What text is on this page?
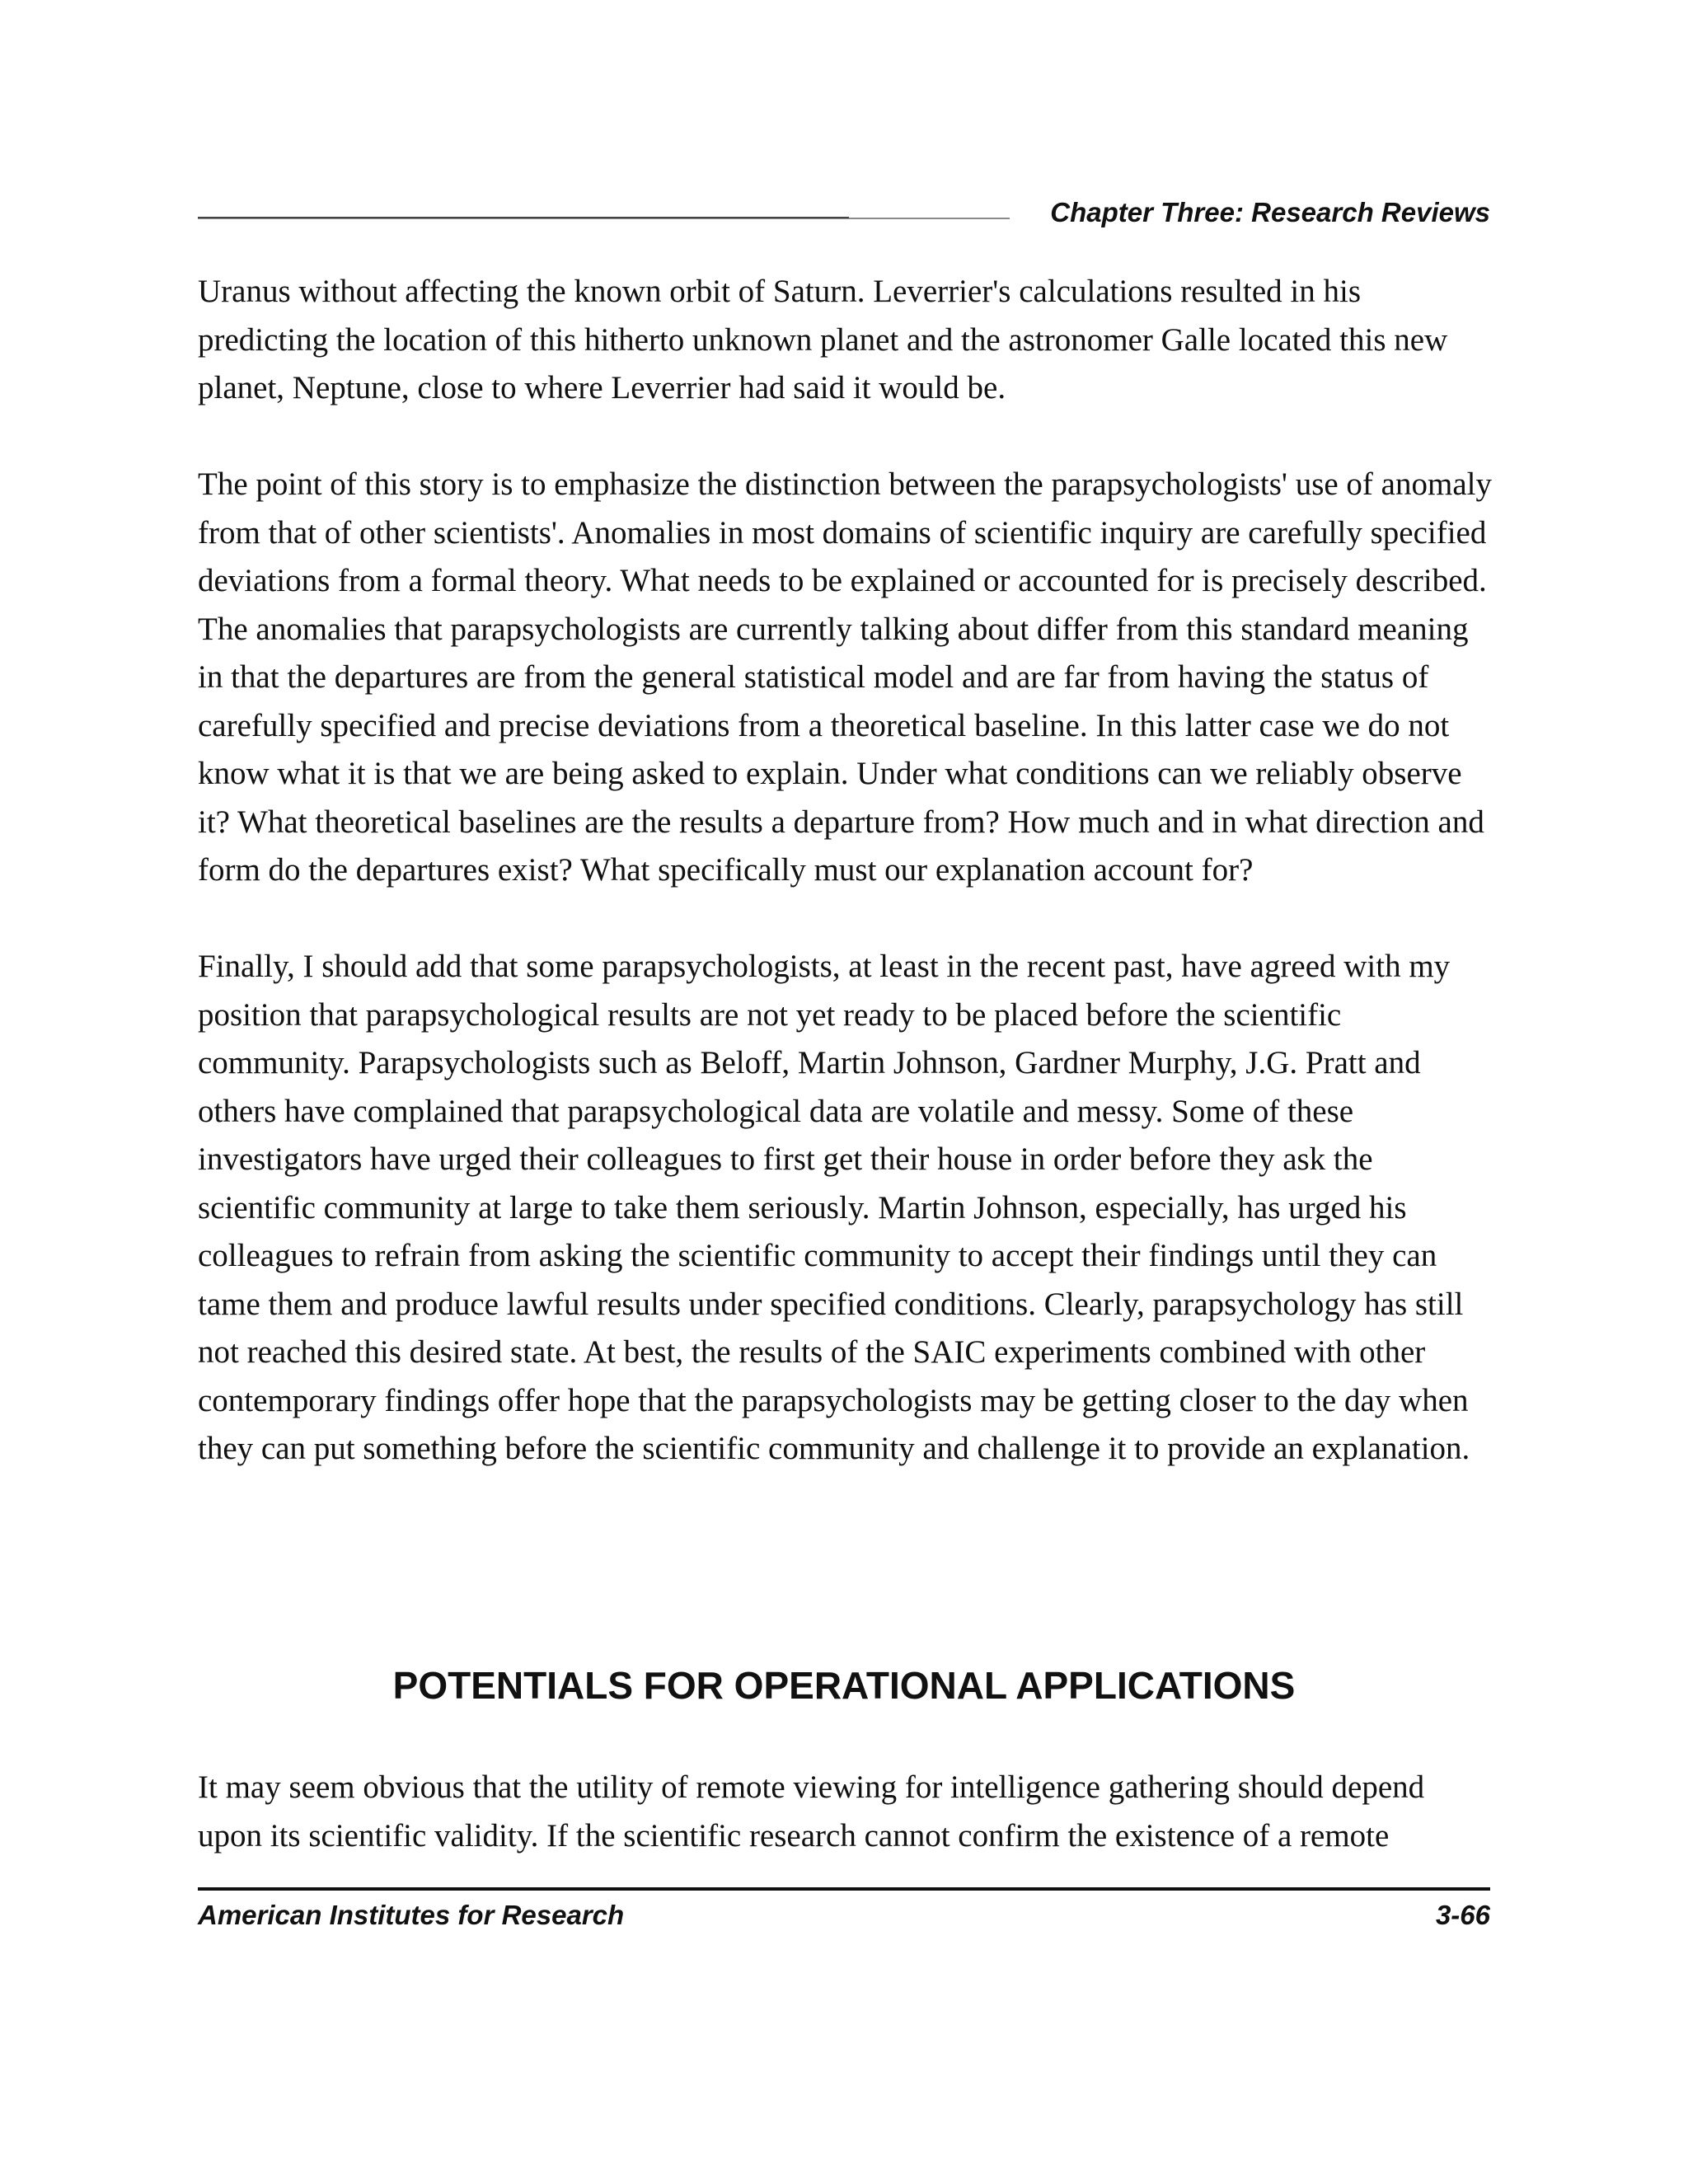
Chapter Three: Research Reviews

Uranus without affecting the known orbit of Saturn. Leverrier's calculations resulted in his predicting the location of this hitherto unknown planet and the astronomer Galle located this new planet, Neptune, close to where Leverrier had said it would be.

The point of this story is to emphasize the distinction between the parapsychologists' use of anomaly from that of other scientists'. Anomalies in most domains of scientific inquiry are carefully specified deviations from a formal theory. What needs to be explained or accounted for is precisely described. The anomalies that parapsychologists are currently talking about differ from this standard meaning in that the departures are from the general statistical model and are far from having the status of carefully specified and precise deviations from a theoretical baseline. In this latter case we do not know what it is that we are being asked to explain. Under what conditions can we reliably observe it? What theoretical baselines are the results a departure from? How much and in what direction and form do the departures exist? What specifically must our explanation account for?

Finally, I should add that some parapsychologists, at least in the recent past, have agreed with my position that parapsychological results are not yet ready to be placed before the scientific community. Parapsychologists such as Beloff, Martin Johnson, Gardner Murphy, J.G. Pratt and others have complained that parapsychological data are volatile and messy. Some of these investigators have urged their colleagues to first get their house in order before they ask the scientific community at large to take them seriously. Martin Johnson, especially, has urged his colleagues to refrain from asking the scientific community to accept their findings until they can tame them and produce lawful results under specified conditions. Clearly, parapsychology has still not reached this desired state. At best, the results of the SAIC experiments combined with other contemporary findings offer hope that the parapsychologists may be getting closer to the day when they can put something before the scientific community and challenge it to provide an explanation.

POTENTIALS FOR OPERATIONAL APPLICATIONS

It may seem obvious that the utility of remote viewing for intelligence gathering should depend upon its scientific validity. If the scientific research cannot confirm the existence of a remote

American Institutes for Research	3-66
